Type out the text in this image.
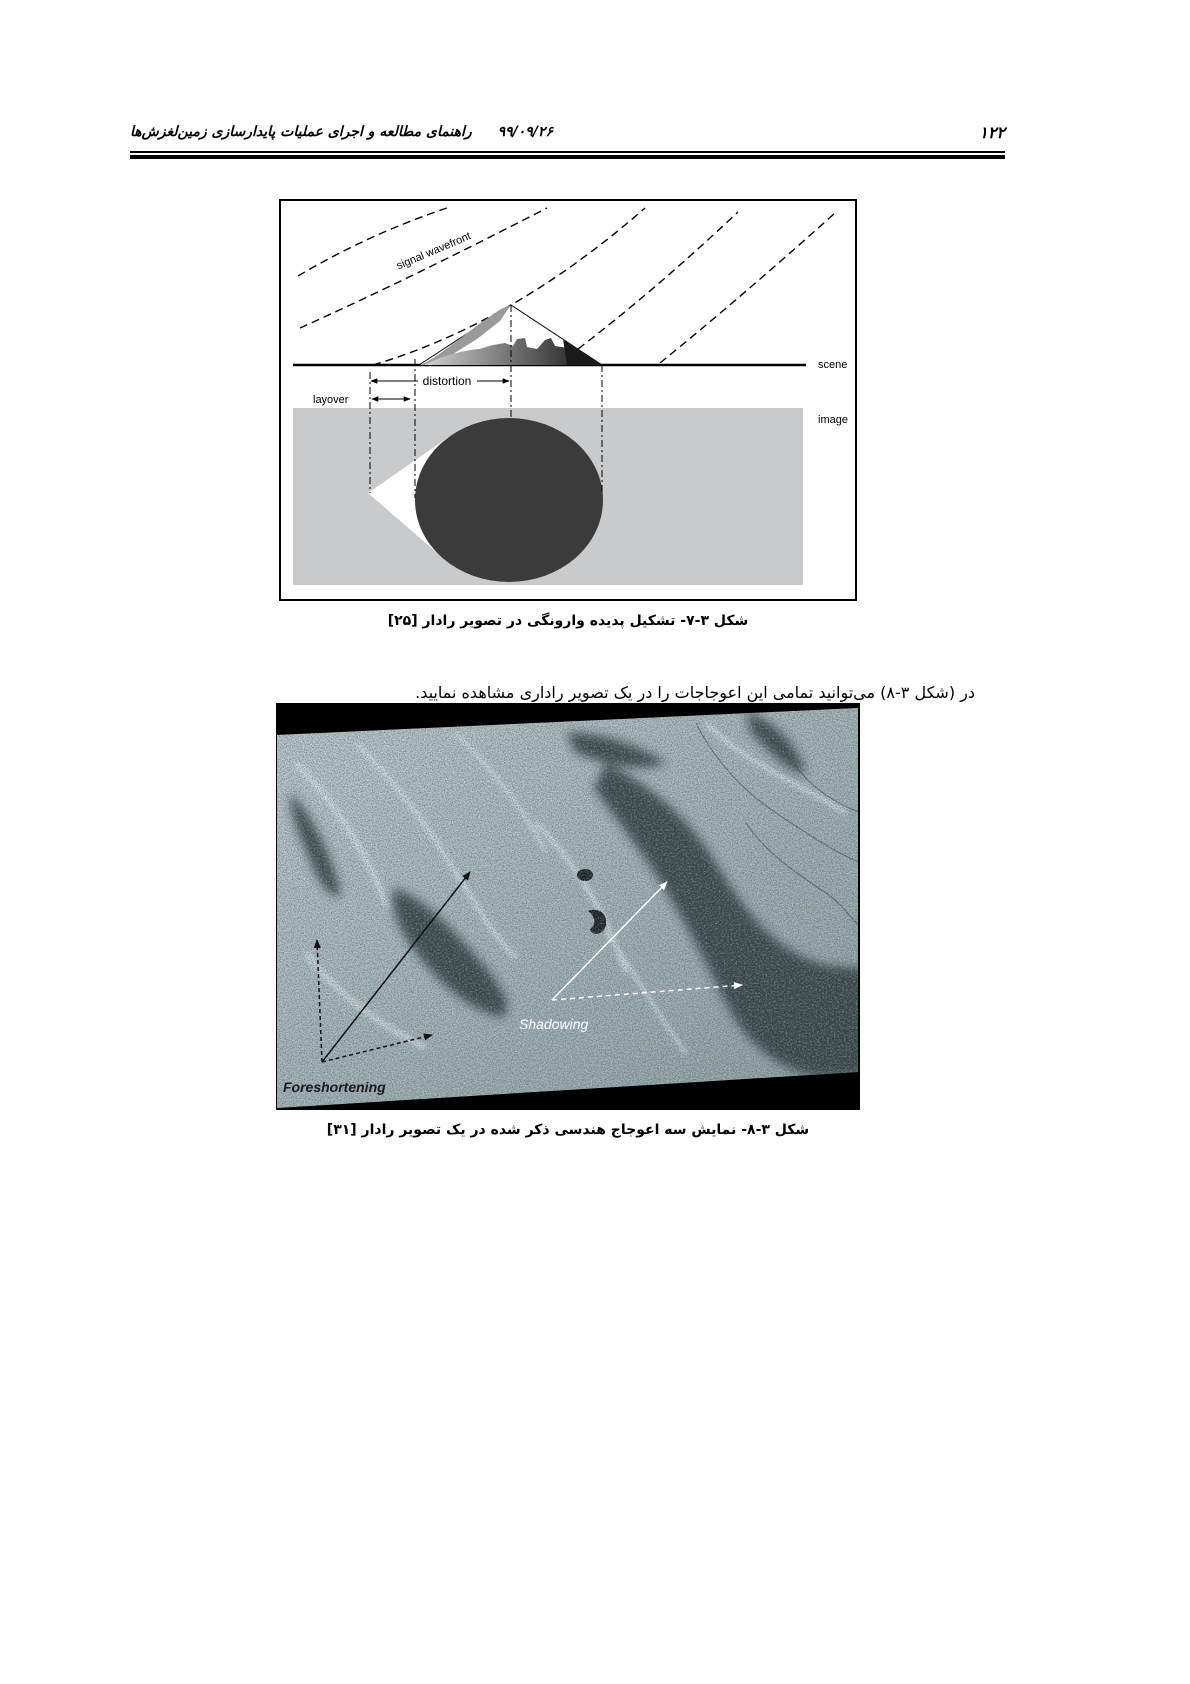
۱۲۲
۹۹/۰۹/۲۶
راهنمای مطالعه و اجرای عملیات پایدارسازی زمین‌لغزش‌ها
signal wavefront
scene
image
distortion
layover
شکل ۳-۷- تشکیل پدیده وارونگی در تصویر رادار [۲۵]

در (شکل ۳-۸) می‌توانید تمامی این اعوجاجات را در یک تصویر راداری مشاهده نمایید.

Foreshortening
Shadowing
شکل ۳-۸- نمایش سه اعوجاج هندسی ذکر شده در یک تصویر رادار [۳۱]
